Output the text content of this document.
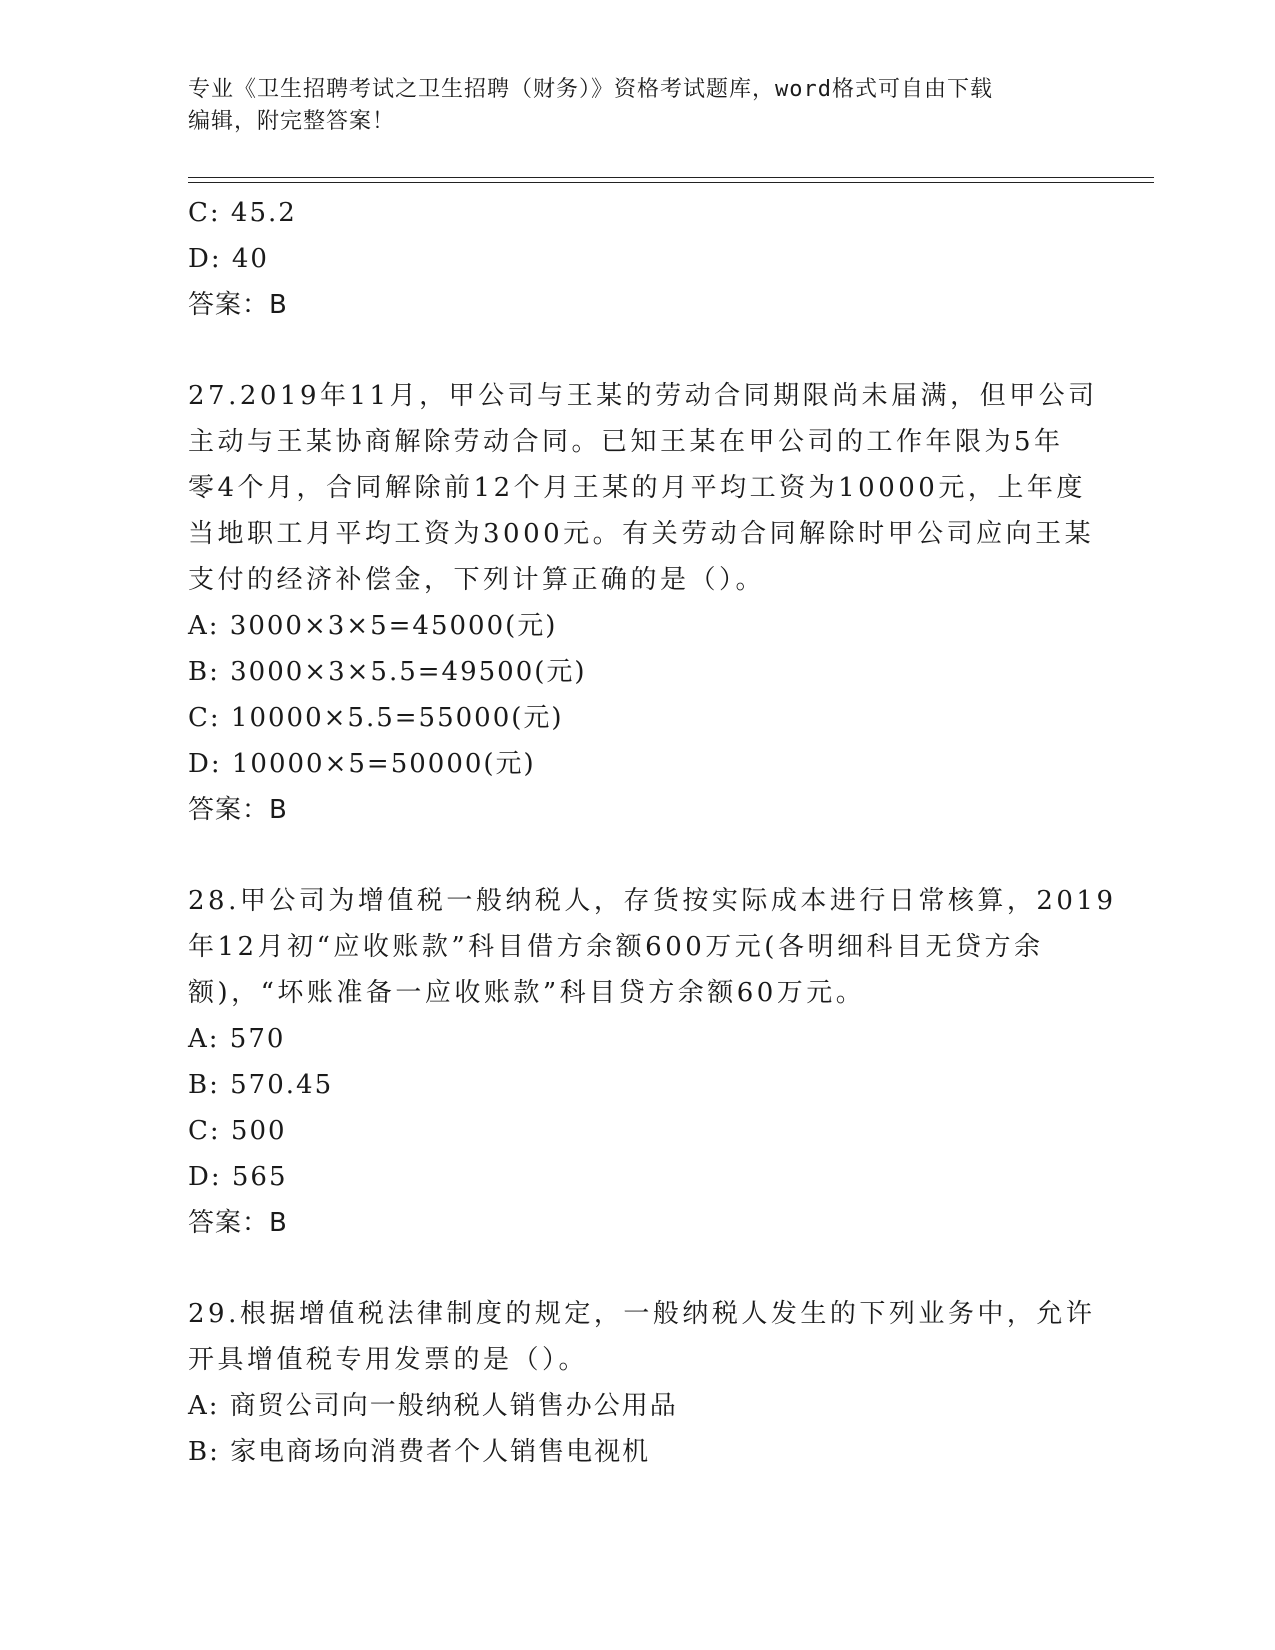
专业《卫生招聘考试之卫生招聘（财务）》资格考试题库，word格式可自由下载
编辑，附完整答案！
C: 45.2
D: 40
答案：B
27.2019年11月，甲公司与王某的劳动合同期限尚未届满，但甲公司
主动与王某协商解除劳动合同。已知王某在甲公司的工作年限为5年
零4个月，合同解除前12个月王某的月平均工资为10000元，上年度
当地职工月平均工资为3000元。有关劳动合同解除时甲公司应向王某
支付的经济补偿金，下列计算正确的是（）。
A: 3000×3×5=45000(元)
B: 3000×3×5.5=49500(元)
C: 10000×5.5=55000(元)
D: 10000×5=50000(元)
答案：B
28.甲公司为增值税一般纳税人，存货按实际成本进行日常核算，2019
年12月初“应收账款”科目借方余额600万元(各明细科目无贷方余
额)，“坏账准备一应收账款”科目贷方余额60万元。
A: 570
B: 570.45
C: 500
D: 565
答案：B
29.根据增值税法律制度的规定，一般纳税人发生的下列业务中，允许
开具增值税专用发票的是（）。
A: 商贸公司向一般纳税人销售办公用品
B: 家电商场向消费者个人销售电视机
